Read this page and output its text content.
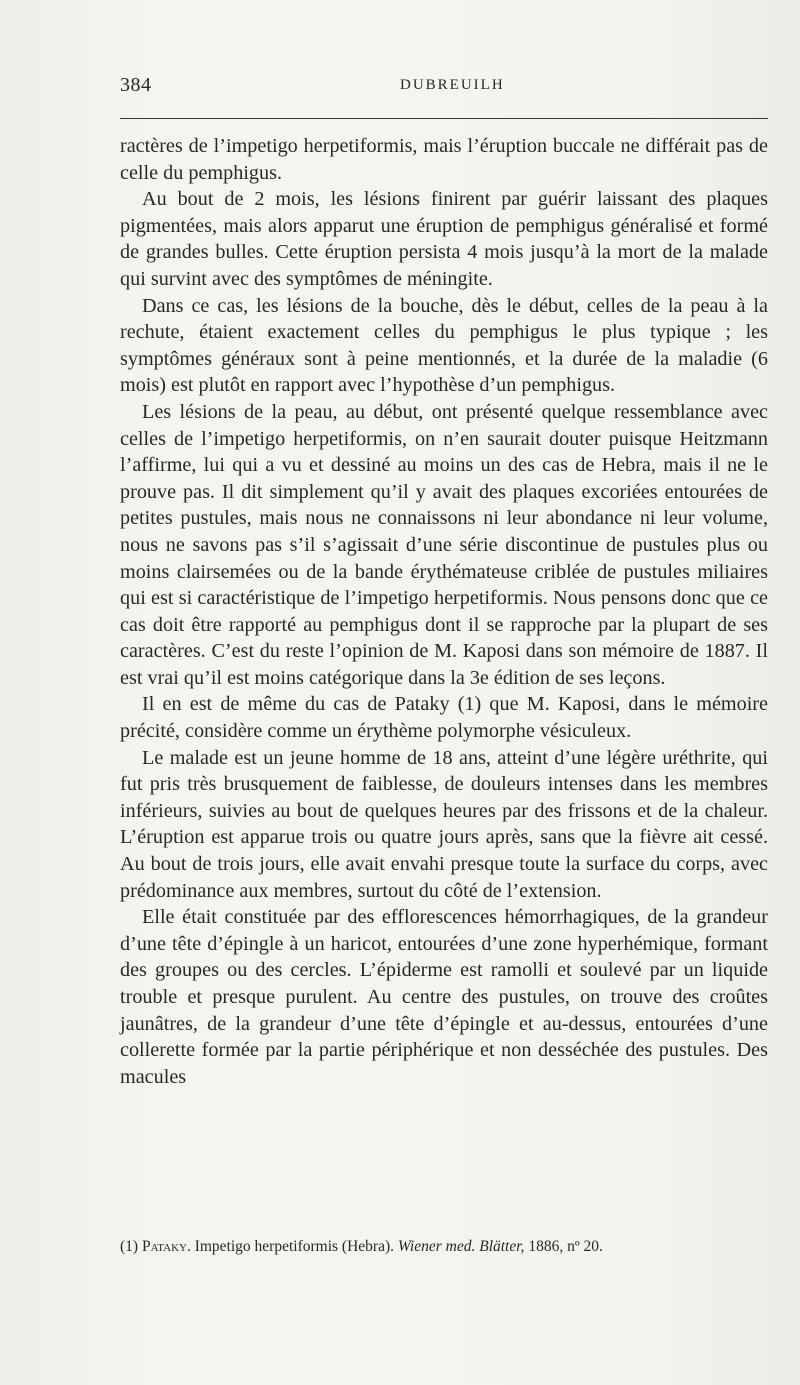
384	DUBREUILH

ractères de l’impetigo herpetiformis, mais l’éruption buccale ne différait pas de celle du pemphigus.

Au bout de 2 mois, les lésions finirent par guérir laissant des plaques pigmentées, mais alors apparut une éruption de pemphigus généralisé et formé de grandes bulles. Cette éruption persista 4 mois jusqu’à la mort de la malade qui survint avec des symptômes de méningite.

Dans ce cas, les lésions de la bouche, dès le début, celles de la peau à la rechute, étaient exactement celles du pemphigus le plus typique ; les symptômes généraux sont à peine mentionnés, et la durée de la maladie (6 mois) est plutôt en rapport avec l’hypothèse d’un pemphigus.

Les lésions de la peau, au début, ont présenté quelque ressemblance avec celles de l’impetigo herpetiformis, on n’en saurait douter puisque Heitzmann l’affirme, lui qui a vu et dessiné au moins un des cas de Hebra, mais il ne le prouve pas. Il dit simplement qu’il y avait des plaques excoriées entourées de petites pustules, mais nous ne connaissons ni leur abondance ni leur volume, nous ne savons pas s’il s’agissait d’une série discontinue de pustules plus ou moins clairsemées ou de la bande érythémateuse criblée de pustules miliaires qui est si caractéristique de l’impetigo herpetiformis. Nous pensons donc que ce cas doit être rapporté au pemphigus dont il se rapproche par la plupart de ses caractères. C’est du reste l’opinion de M. Kaposi dans son mémoire de 1887. Il est vrai qu’il est moins catégorique dans la 3e édition de ses leçons.

Il en est de même du cas de Pataky (1) que M. Kaposi, dans le mémoire précité, considère comme un érythème polymorphe vésiculeux.

Le malade est un jeune homme de 18 ans, atteint d’une légère uréthrite, qui fut pris très brusquement de faiblesse, de douleurs intenses dans les membres inférieurs, suivies au bout de quelques heures par des frissons et de la chaleur. L’éruption est apparue trois ou quatre jours après, sans que la fièvre ait cessé. Au bout de trois jours, elle avait envahi presque toute la surface du corps, avec prédominance aux membres, surtout du côté de l’extension.

Elle était constituée par des efflorescences hémorrhagiques, de la grandeur d’une tête d’épingle à un haricot, entourées d’une zone hyperhémique, formant des groupes ou des cercles. L’épiderme est ramolli et soulevé par un liquide trouble et presque purulent. Au centre des pustules, on trouve des croûtes jaunâtres, de la grandeur d’une tête d’épingle et au-dessus, entourées d’une collerette formée par la partie périphérique et non desséchée des pustules. Des macules

(1) Pataky. Impetigo herpetiformis (Hebra). Wiener med. Blätter, 1886, nº 20.
